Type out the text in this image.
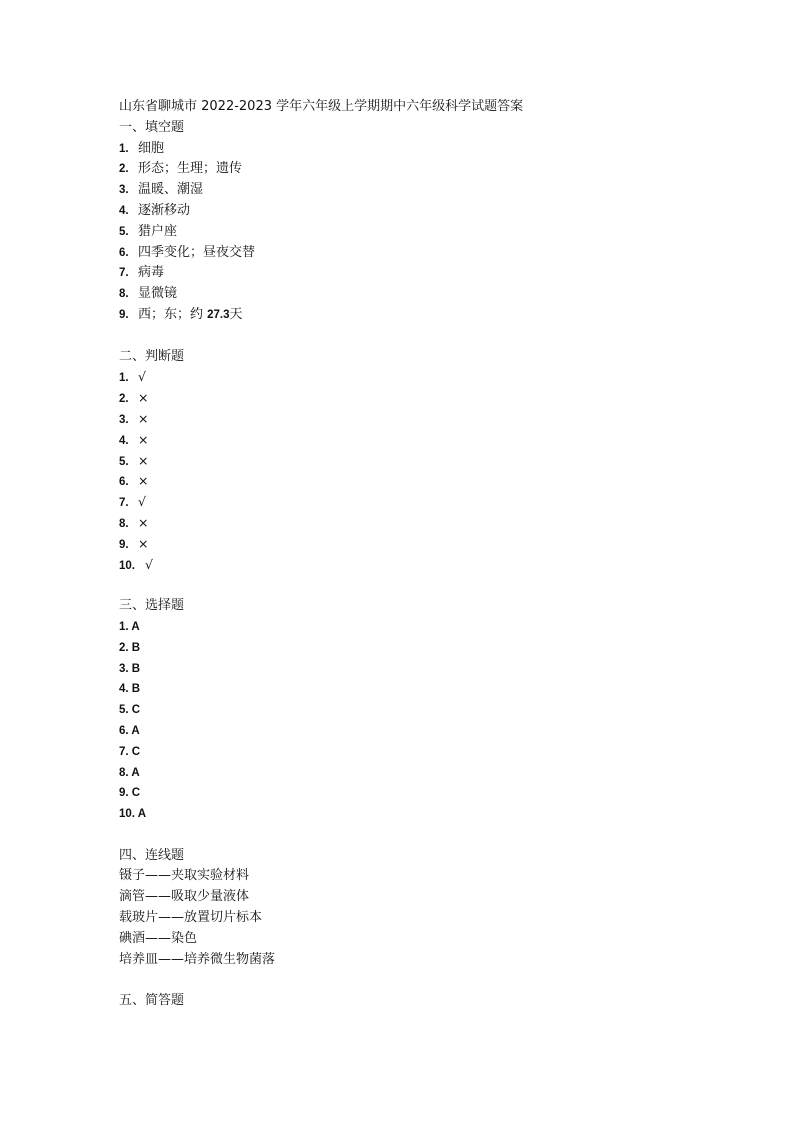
山东省聊城市 2022-2023 学年六年级上学期期中六年级科学试题答案
一、填空题
1. 细胞
2. 形态；生理；遗传
3. 温暖、潮湿
4. 逐渐移动
5. 猎户座
6. 四季变化；昼夜交替
7. 病毒
8. 显微镜
9. 西；东；约 27.3天
二、判断题
1. √
2. ×
3. ×
4. ×
5. ×
6. ×
7. √
8. ×
9. ×
10. √
三、选择题
1. A
2. B
3. B
4. B
5. C
6. A
7. C
8. A
9. C
10. A
四、连线题
镊子——夹取实验材料
滴管——吸取少量液体
载玻片——放置切片标本
碘酒——染色
培养皿——培养微生物菌落
五、简答题
